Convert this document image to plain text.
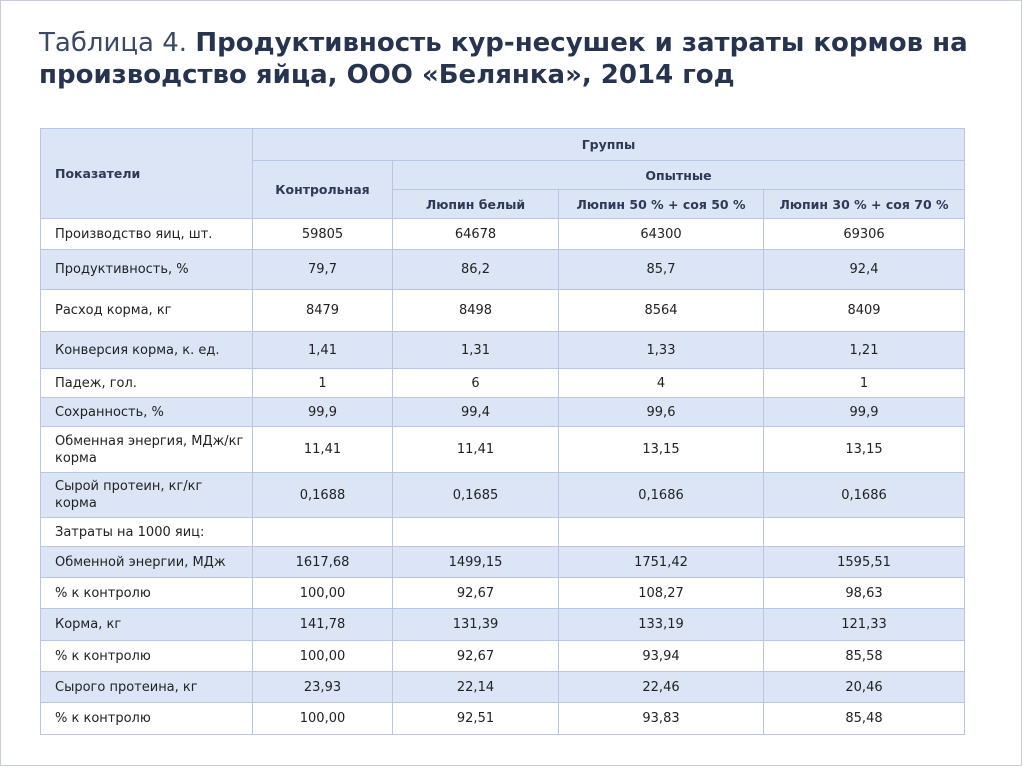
Таблица 4. Продуктивность кур-несушек и затраты кормов на производство яйца, ООО «Белянка», 2014 год
Показатели	Группы			
	Контрольная	Опытные		
		Люпин белый	Люпин 50 % + соя 50 %	Люпин 30 % + соя 70 %
Производство яиц, шт.	59805	64678	64300	69306
Продуктивность, %	79,7	86,2	85,7	92,4
Расход корма, кг	8479	8498	8564	8409
Конверсия корма, к. ед.	1,41	1,31	1,33	1,21
Падеж, гол.	1	6	4	1
Сохранность, %	99,9	99,4	99,6	99,9
Обменная энергия, МДж/кг корма	11,41	11,41	13,15	13,15
Сырой протеин, кг/кг корма	0,1688	0,1685	0,1686	0,1686
Затраты на 1000 яиц:				
Обменной энергии, МДж	1617,68	1499,15	1751,42	1595,51
% к контролю	100,00	92,67	108,27	98,63
Корма, кг	141,78	131,39	133,19	121,33
% к контролю	100,00	92,67	93,94	85,58
Сырого протеина, кг	23,93	22,14	22,46	20,46
% к контролю	100,00	92,51	93,83	85,48
